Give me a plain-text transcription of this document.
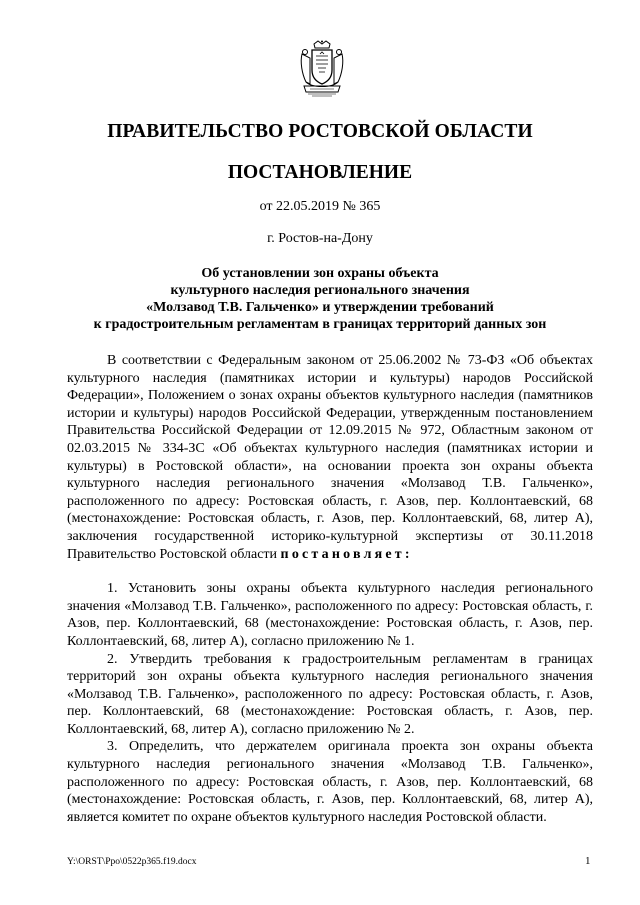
ПРАВИТЕЛЬСТВО РОСТОВСКОЙ ОБЛАСТИ
ПОСТАНОВЛЕНИЕ
от 22.05.2019 № 365
г. Ростов-на-Дону
Об установлении зон охраны объекта
культурного наследия регионального значения
«Молзавод Т.В. Гальченко» и утверждении требований
к градостроительным регламентам в границах территорий данных зон

В соответствии с Федеральным законом от 25.06.2002 № 73-ФЗ «Об объектах культурного наследия (памятниках истории и культуры) народов Российской Федерации», Положением о зонах охраны объектов культурного наследия (памятников истории и культуры) народов Российской Федерации, утвержденным постановлением Правительства Российской Федерации от 12.09.2015 № 972, Областным законом от 02.03.2015 № 334-ЗС «Об объектах культурного наследия (памятниках истории и культуры) в Ростовской области», на основании проекта зон охраны объекта культурного наследия регионального значения «Молзавод Т.В. Гальченко», расположенного по адресу: Ростовская область, г. Азов, пер. Коллонтаевский, 68 (местонахождение: Ростовская область, г. Азов, пер. Коллонтаевский, 68, литер А), заключения государственной историко-культурной экспертизы от 30.11.2018 Правительство Ростовской области постановляет:

1. Установить зоны охраны объекта культурного наследия регионального значения «Молзавод Т.В. Гальченко», расположенного по адресу: Ростовская область, г. Азов, пер. Коллонтаевский, 68 (местонахождение: Ростовская область, г. Азов, пер. Коллонтаевский, 68, литер А), согласно приложению № 1.

2. Утвердить требования к градостроительным регламентам в границах территорий зон охраны объекта культурного наследия регионального значения «Молзавод Т.В. Гальченко», расположенного по адресу: Ростовская область, г. Азов, пер. Коллонтаевский, 68 (местонахождение: Ростовская область, г. Азов, пер. Коллонтаевский, 68, литер А), согласно приложению № 2.

3. Определить, что держателем оригинала проекта зон охраны объекта культурного наследия регионального значения «Молзавод Т.В. Гальченко», расположенного по адресу: Ростовская область, г. Азов, пер. Коллонтаевский, 68 (местонахождение: Ростовская область, г. Азов, пер. Коллонтаевский, 68, литер А), является комитет по охране объектов культурного наследия Ростовской области.

Y:\ORST\Ppo\0522p365.f19.docx	1
